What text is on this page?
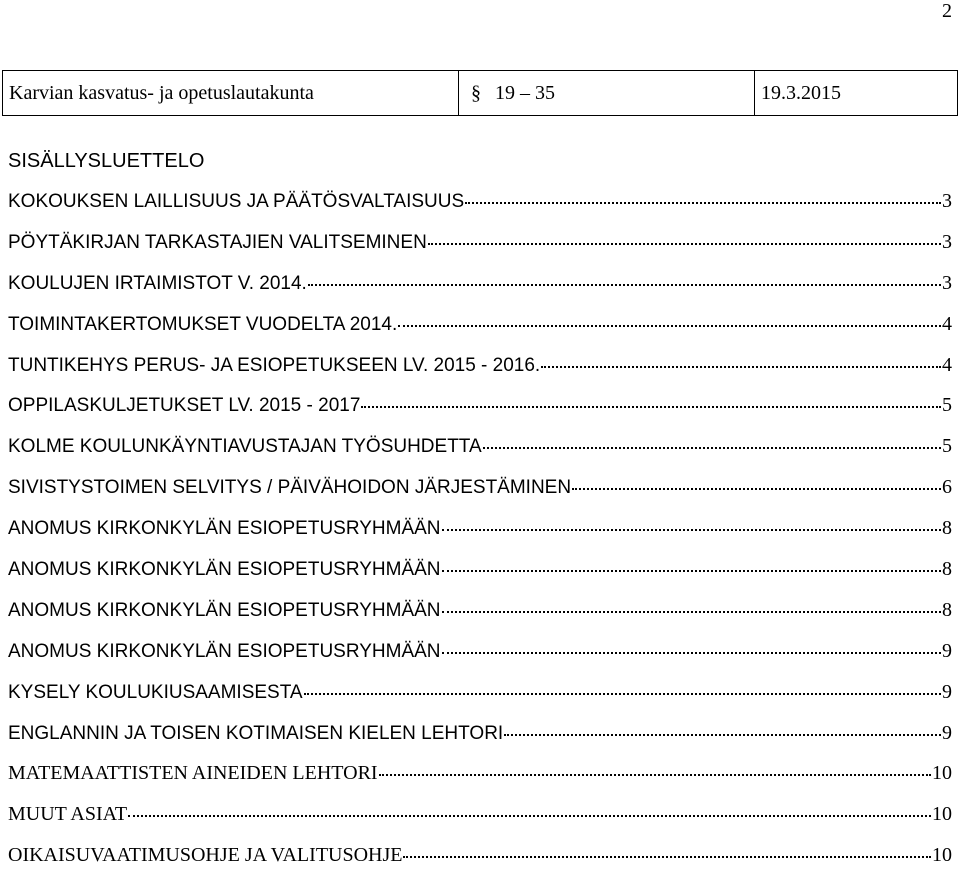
2
Karvian kasvatus- ja opetuslautakunta	§ 19 – 35	19.3.2015
SISÄLLYSLUETTELO
KOKOUKSEN LAILLISUUS JA PÄÄTÖSVALTAISUUS	3
PÖYTÄKIRJAN TARKASTAJIEN VALITSEMINEN	3
KOULUJEN IRTAIMISTOT V. 2014.	3
TOIMINTAKERTOMUKSET VUODELTA 2014.	4
TUNTIKEHYS PERUS- JA ESIOPETUKSEEN LV. 2015 - 2016.	4
OPPILASKULJETUKSET LV. 2015 - 2017	5
KOLME KOULUNKÄYNTIAVUSTAJAN TYÖSUHDETTA	5
SIVISTYSTOIMEN SELVITYS / PÄIVÄHOIDON JÄRJESTÄMINEN	6
ANOMUS KIRKONKYLÄN ESIOPETUSRYHMÄÄN	8
ANOMUS KIRKONKYLÄN ESIOPETUSRYHMÄÄN	8
ANOMUS KIRKONKYLÄN ESIOPETUSRYHMÄÄN	8
ANOMUS KIRKONKYLÄN ESIOPETUSRYHMÄÄN	9
KYSELY KOULUKIUSAAMISESTA	9
ENGLANNIN JA TOISEN KOTIMAISEN KIELEN LEHTORI	9
MATEMAATTISTEN AINEIDEN LEHTORI	10
MUUT ASIAT	10
OIKAISUVAATIMUSOHJE JA VALITUSOHJE	10
